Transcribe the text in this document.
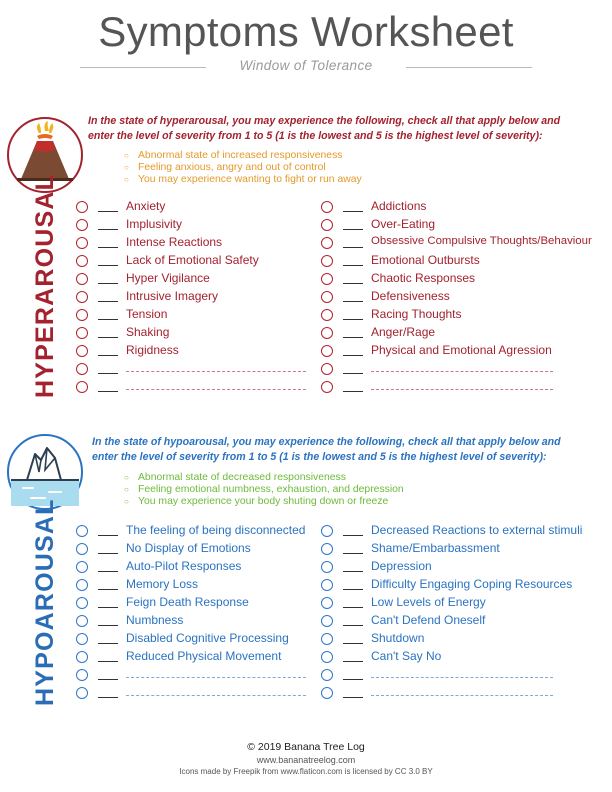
Symptoms Worksheet
Window of Tolerance
HYPERAROUSAL
In the state of hyperarousal, you may experience the following, check all that apply below and enter the level of severity from 1 to 5 (1 is the lowest and 5 is the highest level of severity):
○ Abnormal state of increased responsiveness
○ Feeling anxious, angry and out of control
○ You may experience wanting to fight or run away
Anxiety
Implusivity
Intense Reactions
Lack of Emotional Safety
Hyper Vigilance
Intrusive Imagery
Tension
Shaking
Rigidness
Addictions
Over-Eating
Obsessive Compulsive Thoughts/Behaviour
Emotional Outbursts
Chaotic Responses
Defensiveness
Racing Thoughts
Anger/Rage
Physical and Emotional Agression
HYPOAROUSAL
In the state of hypoarousal, you may experience the following, check all that apply below and enter the level of severity from 1 to 5 (1 is the lowest and 5 is the highest level of severity):
○ Abnormal state of decreased responsiveness
○ Feeling emotional numbness, exhaustion, and depression
○ You may experience your body shuting down or freeze
The feeling of being disconnected
No Display of Emotions
Auto-Pilot Responses
Memory Loss
Feign Death Response
Numbness
Disabled Cognitive Processing
Reduced Physical Movement
Decreased Reactions to external stimuli
Shame/Embarbassment
Depression
Difficulty Engaging Coping Resources
Low Levels of Energy
Can't Defend Oneself
Shutdown
Can't Say No
© 2019 Banana Tree Log
www.bananatreelog.com
Icons made by Freepik from www.flaticon.com is licensed by CC 3.0 BY
